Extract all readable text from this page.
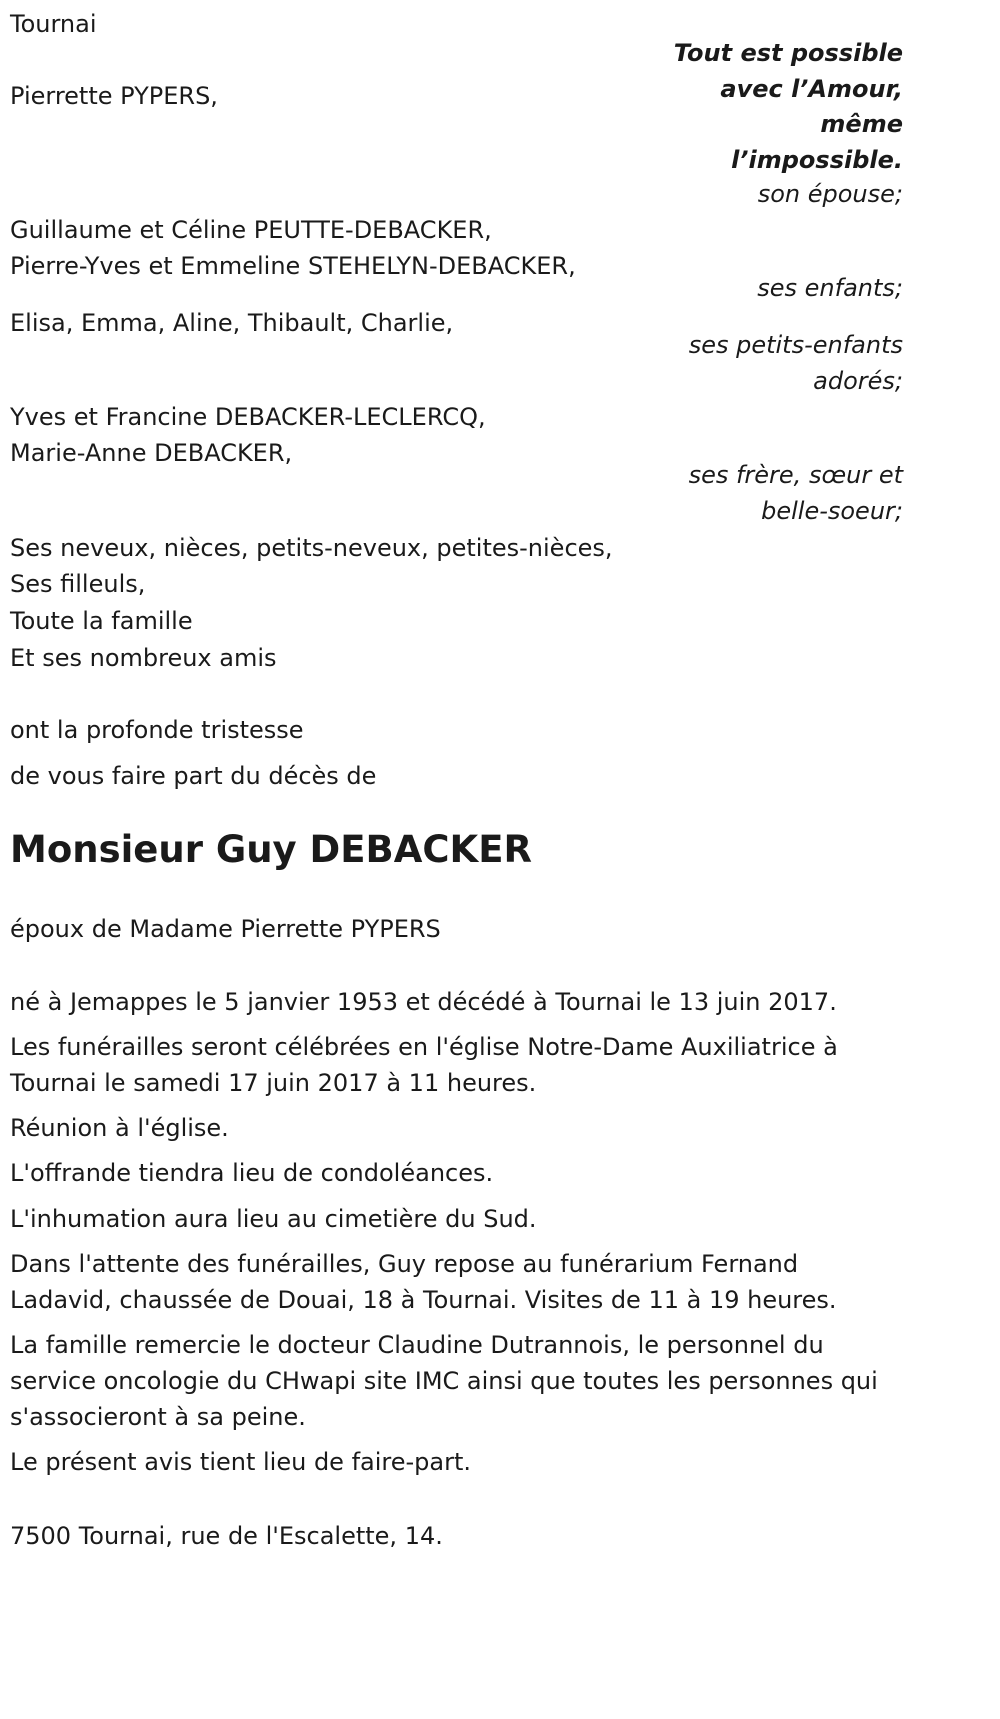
Tournai
Tout est possible
avec l’Amour,
même
l’impossible.
Pierrette PYPERS,
son épouse;
Guillaume et Céline PEUTTE-DEBACKER,
Pierre-Yves et Emmeline STEHELYN-DEBACKER,
ses enfants;
Elisa, Emma, Aline, Thibault, Charlie,
ses petits-enfants
adorés;
Yves et Francine DEBACKER-LECLERCQ,
Marie-Anne DEBACKER,
ses frère, sœur et
belle-soeur;
Ses neveux, nièces, petits-neveux, petites-nièces,
Ses filleuls,
Toute la famille
Et ses nombreux amis
ont la profonde tristesse
de vous faire part du décès de
Monsieur Guy DEBACKER
époux de Madame Pierrette PYPERS
né à Jemappes le 5 janvier 1953 et décédé à Tournai le 13 juin 2017.
Les funérailles seront célébrées en l'église Notre-Dame Auxiliatrice à
Tournai le samedi 17 juin 2017 à 11 heures.
Réunion à l'église.
L'offrande tiendra lieu de condoléances.
L'inhumation aura lieu au cimetière du Sud.
Dans l'attente des funérailles, Guy repose au funérarium Fernand
Ladavid, chaussée de Douai, 18 à Tournai. Visites de 11 à 19 heures.
La famille remercie le docteur Claudine Dutrannois, le personnel du
service oncologie du CHwapi site IMC ainsi que toutes les personnes qui
s'associeront à sa peine.
Le présent avis tient lieu de faire-part.
7500 Tournai, rue de l'Escalette, 14.
